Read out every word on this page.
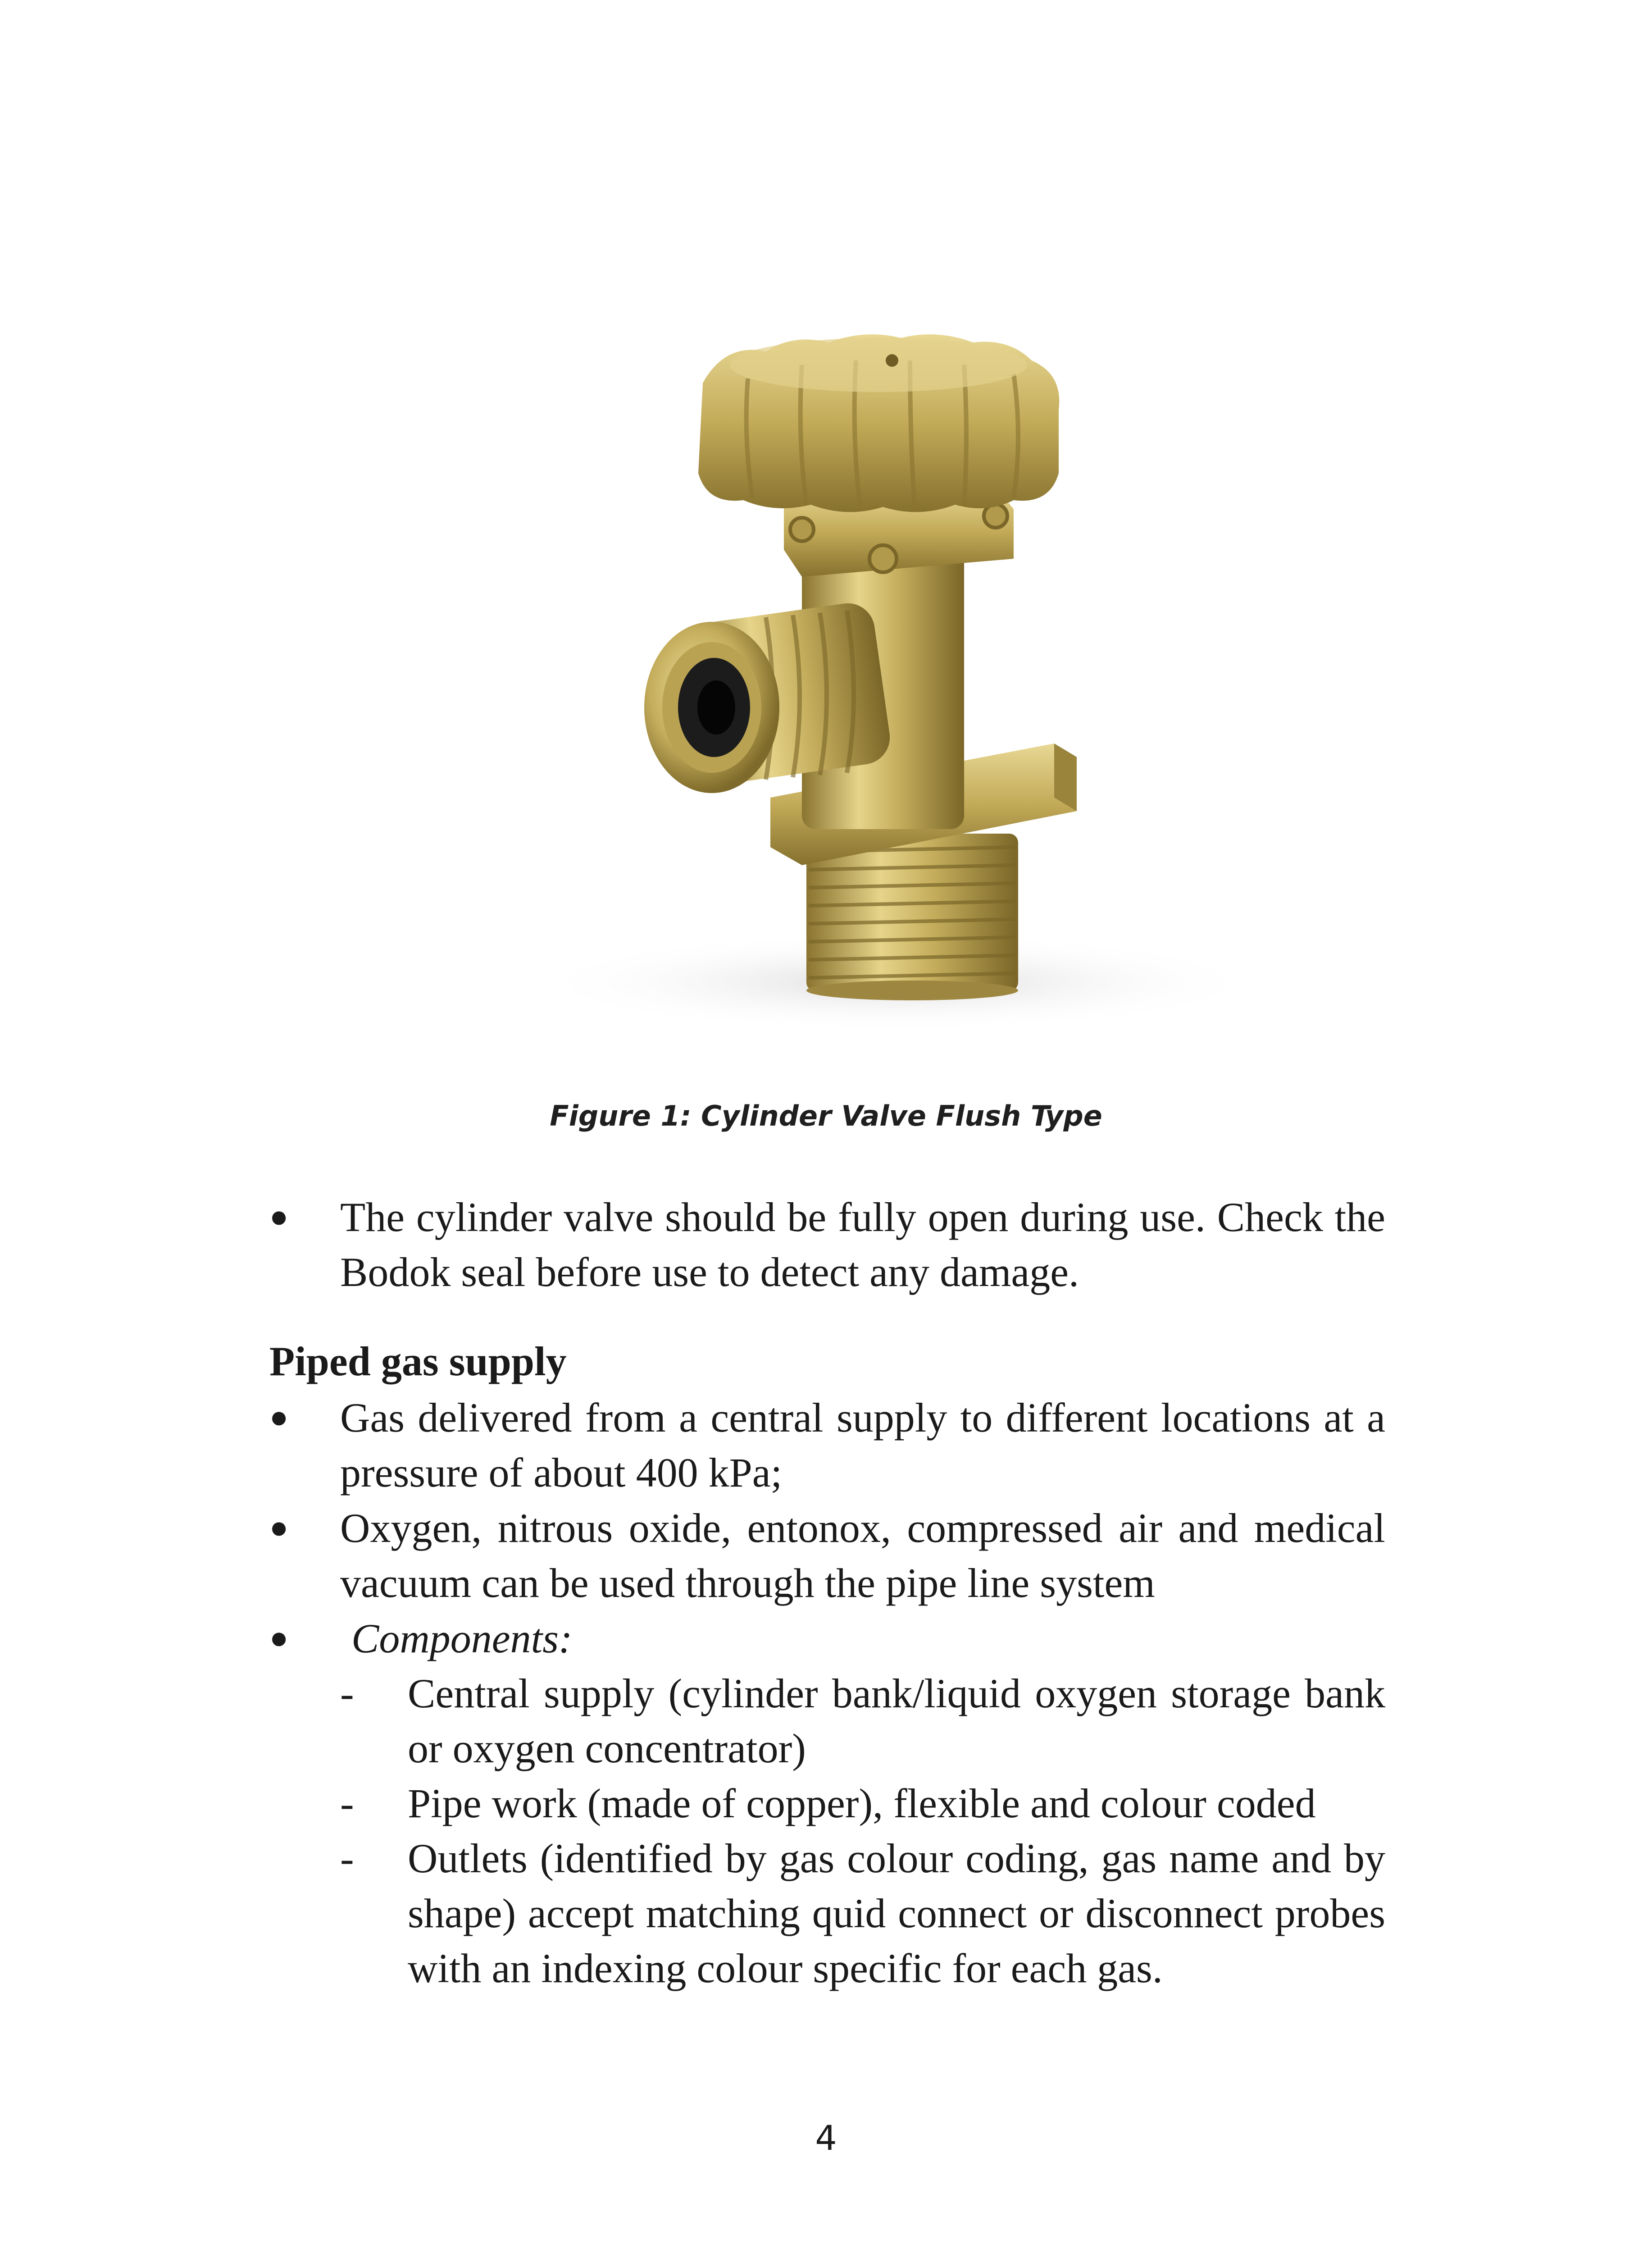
Figure 1: Cylinder Valve Flush Type
● The cylinder valve should be fully open during use. Check the Bodok seal before use to detect any damage.
Piped gas supply
● Gas delivered from a central supply to different locations at a pressure of about 400 kPa;
● Oxygen, nitrous oxide, entonox, compressed air and medical vacuum can be used through the pipe line system
● Components:
- Central supply (cylinder bank/liquid oxygen storage bank or oxygen concentrator)
- Pipe work (made of copper), flexible and colour coded
- Outlets (identified by gas colour coding, gas name and by shape) accept matching quid connect or disconnect probes with an indexing colour specific for each gas.
4
